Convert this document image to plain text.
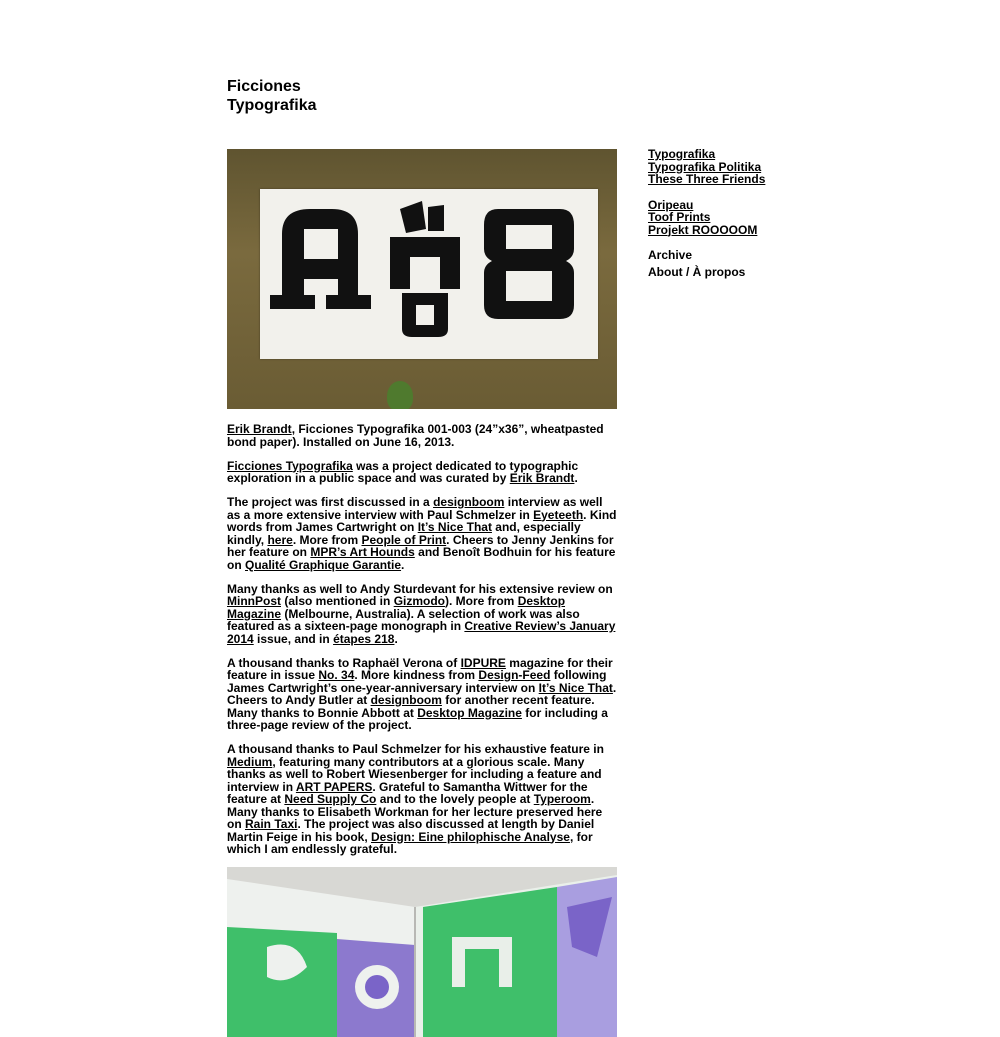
Ficciones
Typografika

Erik Brandt, Ficciones Typografika 001-003 (24”x36”, wheatpasted bond paper). Installed on June 16, 2013.

Ficciones Typografika was a project dedicated to typographic exploration in a public space and was curated by Erik Brandt.

The project was first discussed in a designboom interview as well as a more extensive interview with Paul Schmelzer in Eyeteeth. Kind words from James Cartwright on It’s Nice That and, especially kindly, here. More from People of Print. Cheers to Jenny Jenkins for her feature on MPR’s Art Hounds and Benoît Bodhuin for his feature on Qualité Graphique Garantie.

Many thanks as well to Andy Sturdevant for his extensive review on MinnPost (also mentioned in Gizmodo). More from Desktop Magazine (Melbourne, Australia). A selection of work was also featured as a sixteen-page monograph in Creative Review’s January 2014 issue, and in étapes 218.

A thousand thanks to Raphaël Verona of IDPURE magazine for their feature in issue No. 34. More kindness from Design-Feed following James Cartwright’s one-year-anniversary interview on It’s Nice That. Cheers to Andy Butler at designboom for another recent feature. Many thanks to Bonnie Abbott at Desktop Magazine for including a three-page review of the project.

A thousand thanks to Paul Schmelzer for his exhaustive feature in Medium, featuring many contributors at a glorious scale. Many thanks as well to Robert Wiesenberger for including a feature and interview in ART PAPERS. Grateful to Samantha Wittwer for the feature at Need Supply Co and to the lovely people at Typeroom. Many thanks to Elisabeth Workman for her lecture preserved here on Rain Taxi. The project was also discussed at length by Daniel Martin Feige in his book, Design: Eine philophische Analyse, for which I am endlessly grateful.

Typografika
Typografika Politika
These Three Friends
Oripeau
Toof Prints
Projekt ROOOOOM
Archive
About / À propos
